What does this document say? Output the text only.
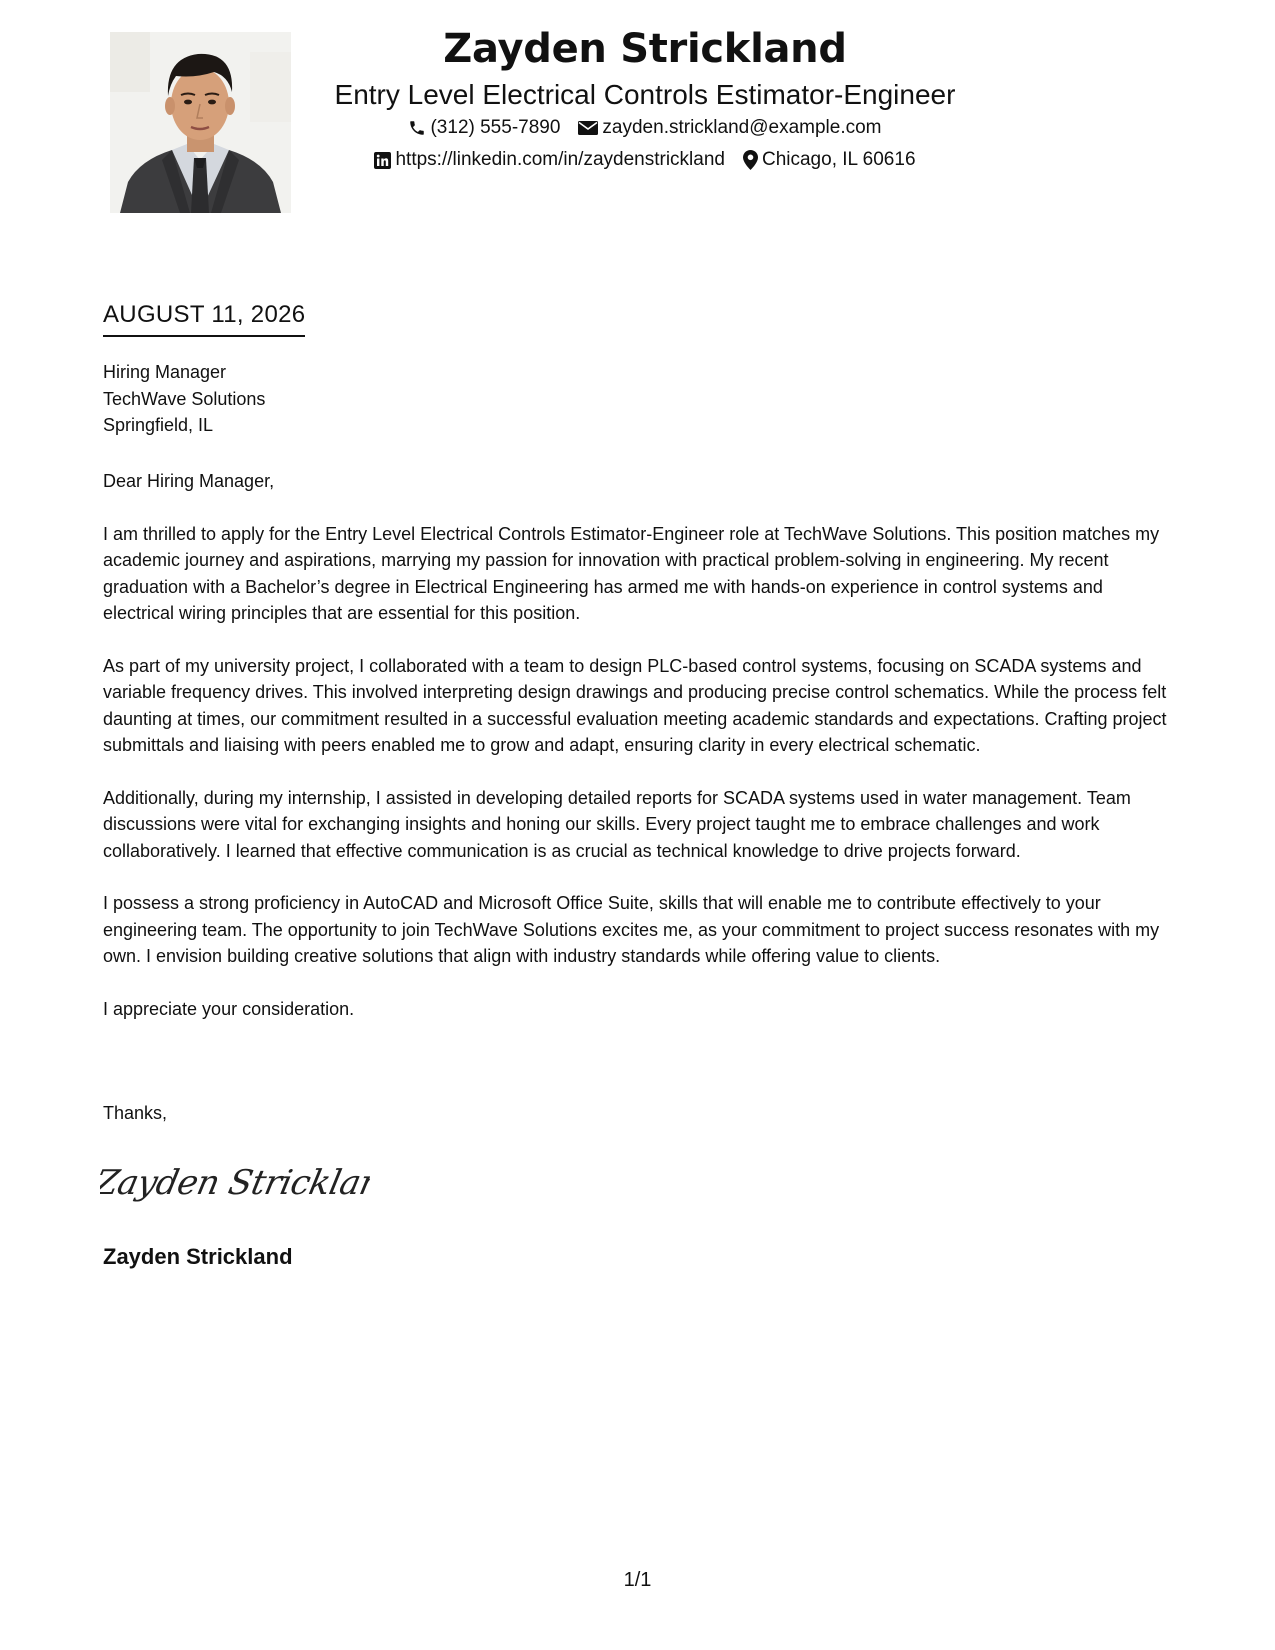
Zayden Strickland
Entry Level Electrical Controls Estimator-Engineer
(312) 555-7890 zayden.strickland@example.com
https://linkedin.com/in/zaydenstrickland Chicago, IL 60616
AUGUST 11, 2026
Hiring Manager
TechWave Solutions
Springfield, IL

Dear Hiring Manager,

I am thrilled to apply for the Entry Level Electrical Controls Estimator-Engineer role at TechWave Solutions. This position matches my academic journey and aspirations, marrying my passion for innovation with practical problem-solving in engineering. My recent graduation with a Bachelor’s degree in Electrical Engineering has armed me with hands-on experience in control systems and electrical wiring principles that are essential for this position.

As part of my university project, I collaborated with a team to design PLC-based control systems, focusing on SCADA systems and variable frequency drives. This involved interpreting design drawings and producing precise control schematics. While the process felt daunting at times, our commitment resulted in a successful evaluation meeting academic standards and expectations. Crafting project submittals and liaising with peers enabled me to grow and adapt, ensuring clarity in every electrical schematic.

Additionally, during my internship, I assisted in developing detailed reports for SCADA systems used in water management. Team discussions were vital for exchanging insights and honing our skills. Every project taught me to embrace challenges and work collaboratively. I learned that effective communication is as crucial as technical knowledge to drive projects forward.

I possess a strong proficiency in AutoCAD and Microsoft Office Suite, skills that will enable me to contribute effectively to your engineering team. The opportunity to join TechWave Solutions excites me, as your commitment to project success resonates with my own. I envision building creative solutions that align with industry standards while offering value to clients.

I appreciate your consideration.

Thanks,
Zayden Stricklan
Zayden Strickland
1/1
